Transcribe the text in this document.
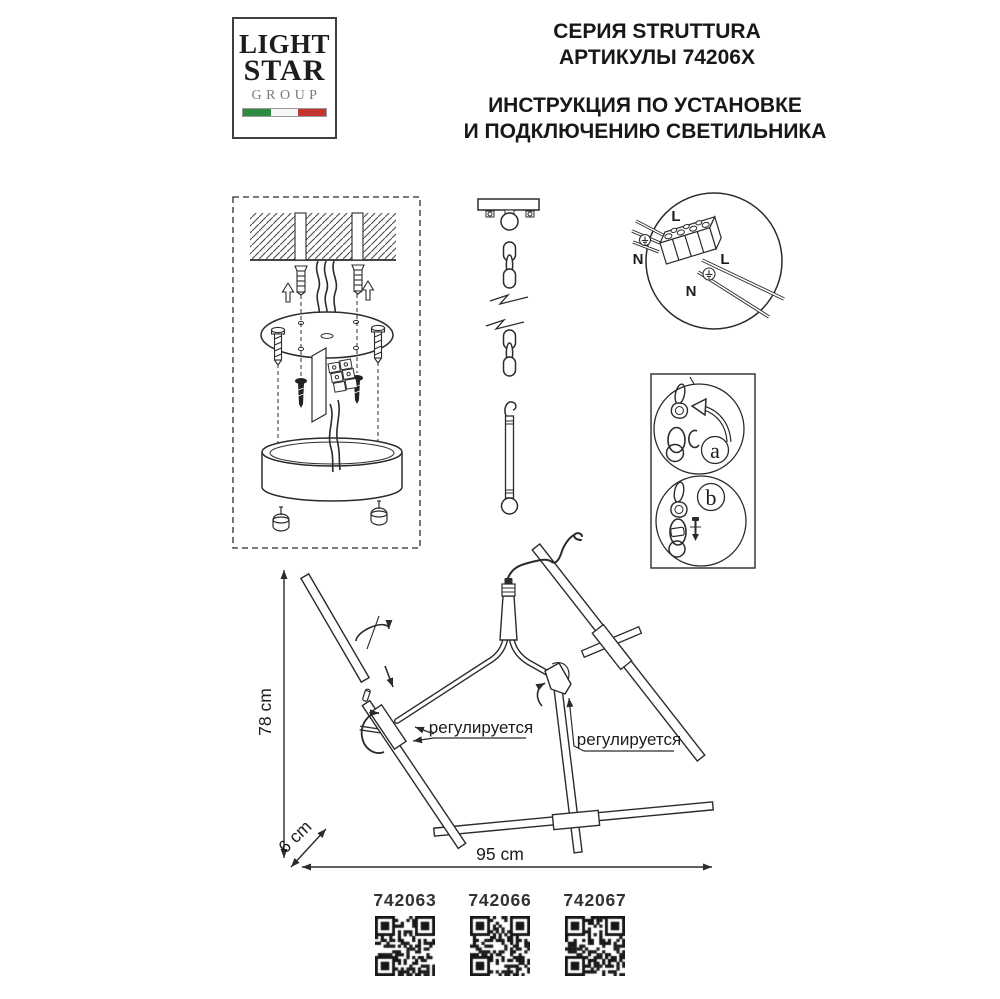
LIGHT
STAR
GROUP
СЕРИЯ STRUTTURA
АРТИКУЛЫ 74206X
ИНСТРУКЦИЯ ПО УСТАНОВКЕ
И ПОДКЛЮЧЕНИЮ СВЕТИЛЬНИКА
L
N	L
N
a
b
78 cm
6 cm	95 cm
регулируется
регулируется
742063	742066	742067
